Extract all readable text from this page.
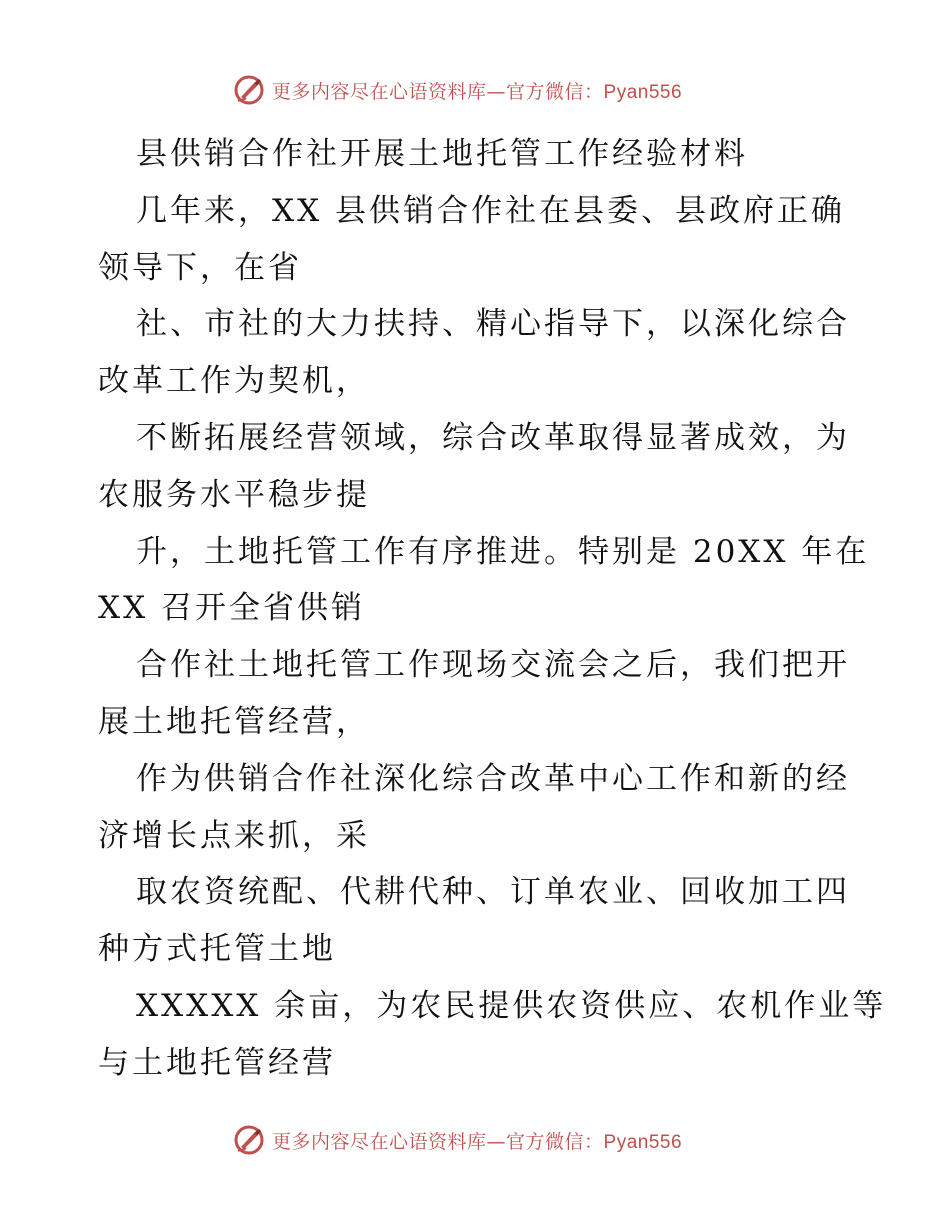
更多内容尽在心语资料库—官方微信：Pyan556
县供销合作社开展土地托管工作经验材料
几年来，XX 县供销合作社在县委、县政府正确
领导下，在省
社、市社的大力扶持、精心指导下，以深化综合
改革工作为契机，
不断拓展经营领域，综合改革取得显著成效，为
农服务水平稳步提
升，土地托管工作有序推进。特别是 20XX 年在
XX 召开全省供销
合作社土地托管工作现场交流会之后，我们把开
展土地托管经营，
作为供销合作社深化综合改革中心工作和新的经
济增长点来抓，采
取农资统配、代耕代种、订单农业、回收加工四
种方式托管土地
XXXXX 余亩，为农民提供农资供应、农机作业等
与土地托管经营
更多内容尽在心语资料库—官方微信：Pyan556
